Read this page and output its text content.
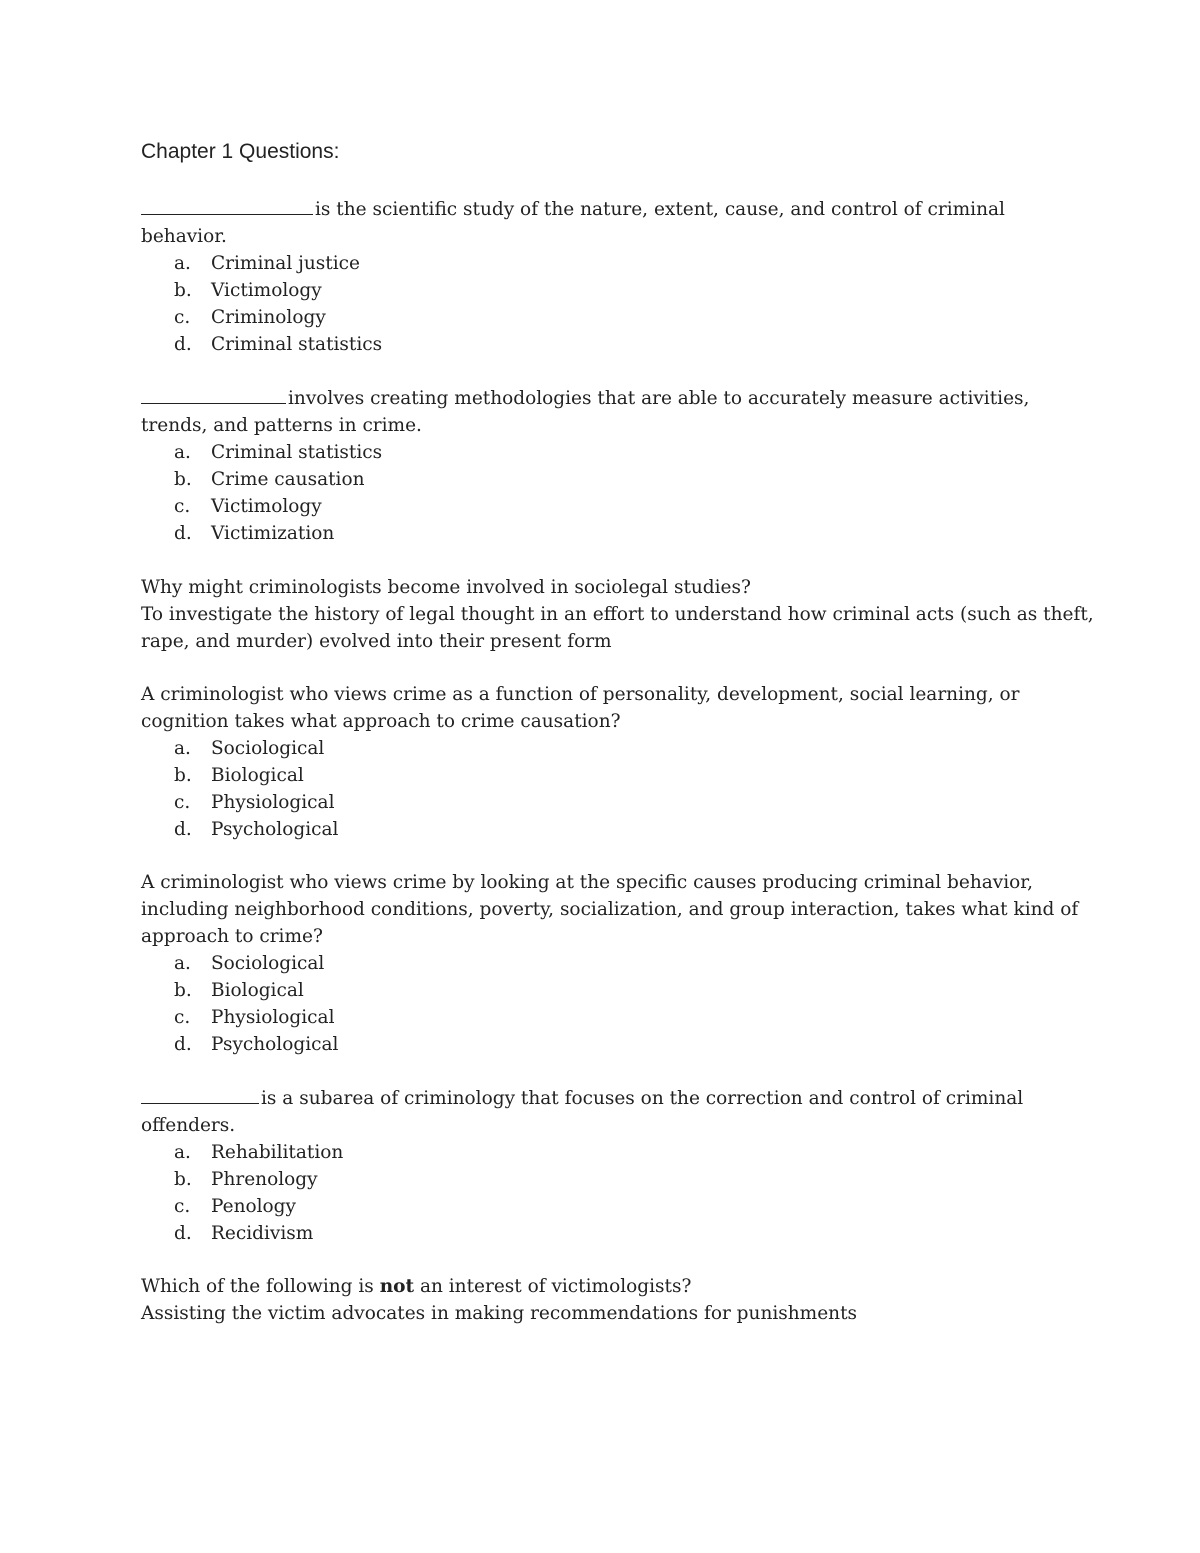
Chapter 1 Questions:
is the scientific study of the nature, extent, cause, and control of criminal
behavior.
a. Criminal justice
b. Victimology
c. Criminology
d. Criminal statistics
involves creating methodologies that are able to accurately measure activities,
trends, and patterns in crime.
a. Criminal statistics
b. Crime causation
c. Victimology
d. Victimization
Why might criminologists become involved in sociolegal studies?
To investigate the history of legal thought in an effort to understand how criminal acts (such as theft,
rape, and murder) evolved into their present form
A criminologist who views crime as a function of personality, development, social learning, or
cognition takes what approach to crime causation?
a. Sociological
b. Biological
c. Physiological
d. Psychological
A criminologist who views crime by looking at the specific causes producing criminal behavior,
including neighborhood conditions, poverty, socialization, and group interaction, takes what kind of
approach to crime?
a. Sociological
b. Biological
c. Physiological
d. Psychological
is a subarea of criminology that focuses on the correction and control of criminal
offenders.
a. Rehabilitation
b. Phrenology
c. Penology
d. Recidivism
Which of the following is not an interest of victimologists?
Assisting the victim advocates in making recommendations for punishments
